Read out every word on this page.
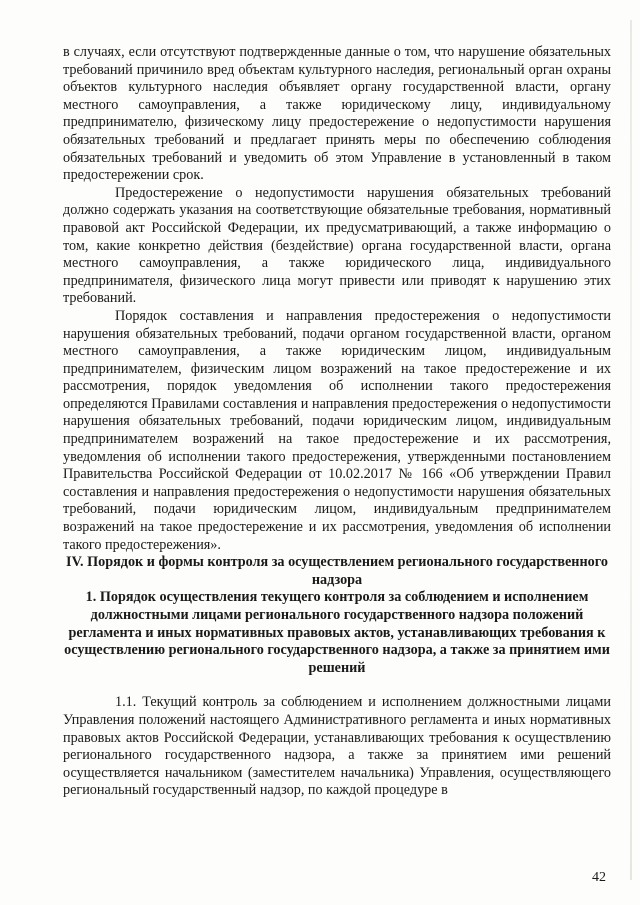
в случаях, если отсутствуют подтвержденные данные о том, что нарушение обязательных требований причинило вред объектам культурного наследия, региональный орган охраны объектов культурного наследия объявляет органу государственной власти, органу местного самоуправления, а также юридическому лицу, индивидуальному предпринимателю, физическому лицу предостережение о недопустимости нарушения обязательных требований и предлагает принять меры по обеспечению соблюдения обязательных требований и уведомить об этом Управление в установленный в таком предостережении срок.

Предостережение о недопустимости нарушения обязательных требований должно содержать указания на соответствующие обязательные требования, нормативный правовой акт Российской Федерации, их предусматривающий, а также информацию о том, какие конкретно действия (бездействие) органа государственной власти, органа местного самоуправления, а также юридического лица, индивидуального предпринимателя, физического лица могут привести или приводят к нарушению этих требований.

Порядок составления и направления предостережения о недопустимости нарушения обязательных требований, подачи органом государственной власти, органом местного самоуправления, а также юридическим лицом, индивидуальным предпринимателем, физическим лицом возражений на такое предостережение и их рассмотрения, порядок уведомления об исполнении такого предостережения определяются Правилами составления и направления предостережения о недопустимости нарушения обязательных требований, подачи юридическим лицом, индивидуальным предпринимателем возражений на такое предостережение и их рассмотрения, уведомления об исполнении такого предостережения, утвержденными постановлением Правительства Российской Федерации от 10.02.2017 № 166 «Об утверждении Правил составления и направления предостережения о недопустимости нарушения обязательных требований, подачи юридическим лицом, индивидуальным предпринимателем возражений на такое предостережение и их рассмотрения, уведомления об исполнении такого предостережения».

IV. Порядок и формы контроля за осуществлением регионального государственного надзора

1. Порядок осуществления текущего контроля за соблюдением и исполнением должностными лицами регионального государственного надзора положений регламента и иных нормативных правовых актов, устанавливающих требования к осуществлению регионального государственного надзора, а также за принятием ими решений

1.1. Текущий контроль за соблюдением и исполнением должностными лицами Управления положений настоящего Административного регламента и иных нормативных правовых актов Российской Федерации, устанавливающих требования к осуществлению регионального государственного надзора, а также за принятием ими решений осуществляется начальником (заместителем начальника) Управления, осуществляющего региональный государственный надзор, по каждой процедуре в

42
